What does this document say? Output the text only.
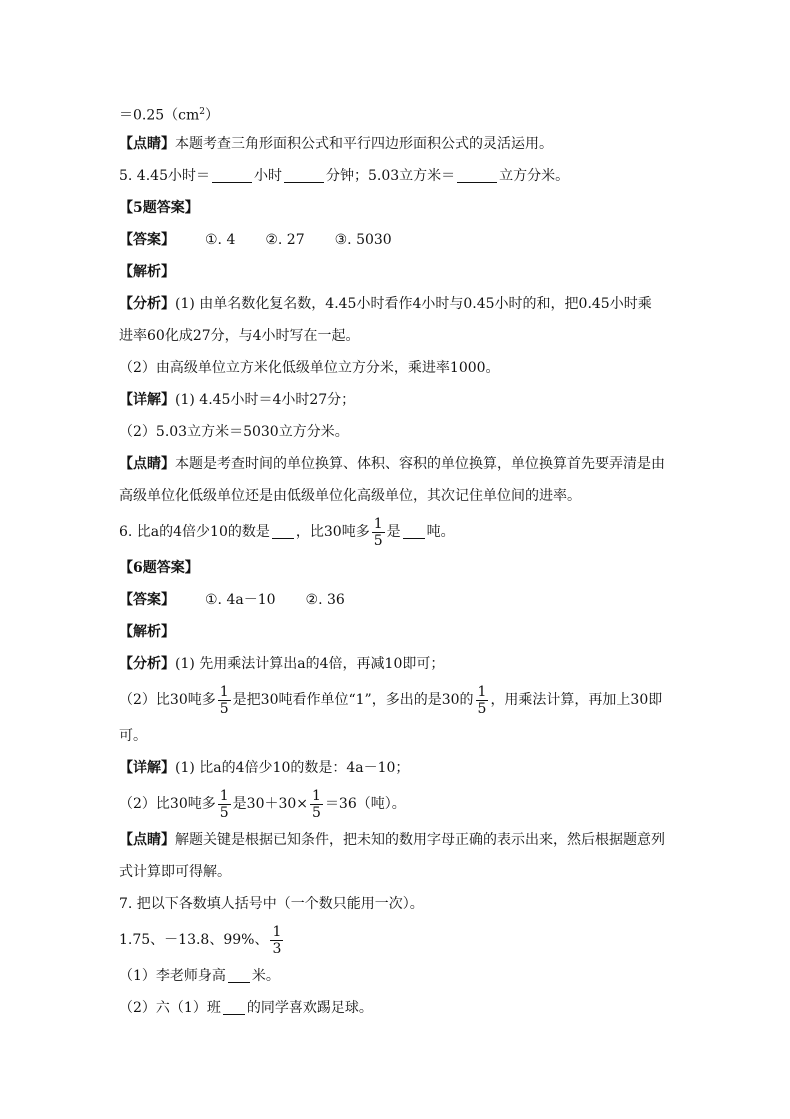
$=0.25(cm^2)$
【点睛】本题考查三角形面积公式和平行四边形面积公式的灵活运用。
5. 4.45小时＝	小时	分钟；5.03立方米＝	立方分米。
【5题答案】
【答案】 ①. 4 ②. 27 ③. 5030
【解析】
【分析】(1) 由单名数化复名数，4.45小时看作4小时与0.45小时的和，把0.45小时乘
进率60化成27分，与4小时写在一起。
（2）由高级单位立方米化低级单位立方分米，乘进率1000。
【详解】(1) 4.45小时＝4小时27分；
（2）5.03立方米＝5030立方分米。
【点睛】本题是考查时间的单位换算、体积、容积的单位换算，单位换算首先要弄清是由
高级单位化低级单位还是由低级单位化高级单位，其次记住单位间的进率。
6. 比a的4倍少10的数是 ，比30吨多 $\frac{1}{5}$ 是 吨。
【6题答案】
【答案】 ①. 4a－10 ②. 36
【解析】
【分析】(1) 先用乘法计算出a的4倍，再减10即可；
（2）比30吨多 $\frac{1}{5}$ 是把30吨看作单位“1”，多出的是30的 $\frac{1}{5}$ ，用乘法计算，再加上30即
可。
【详解】(1) 比a的4倍少10的数是：4a－10；
（2）比30吨多 $\frac{1}{5}$ 是$30+30\times \frac{1}{5} =36$（吨）。
【点睛】解题关键是根据已知条件，把未知的数用字母正确的表示出来，然后根据题意列
式计算即可得解。
7. 把以下各数填人括号中（一个数只能用一次）。
1.75、－13.8、99%、 $\frac{1}{3}$
（1）李老师身高 米。
（2）六（1）班 的同学喜欢踢足球。
